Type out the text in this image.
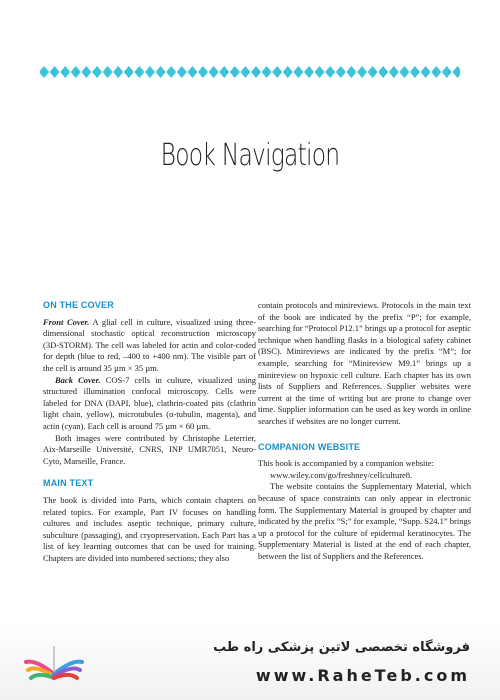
Book Navigation
ON THE COVER

Front Cover. A glial cell in culture, visualized using three-dimensional stochastic optical reconstruction microscopy (3D-STORM). The cell was labeled for actin and color-coded for depth (blue to red, –400 to +400 nm). The visible part of the cell is around 35 µm × 35 µm.

Back Cover. COS-7 cells in culture, visualized using structured illumination confocal microscopy. Cells were labeled for DNA (DAPI, blue), clathrin-coated pits (clathrin light chain, yellow), microtubules (α-tubulin, magenta), and actin (cyan). Each cell is around 75 µm × 60 µm.

Both images were contributed by Christophe Leterrier, Aix-Marseille Université, CNRS, INP UMR7051, Neuro-Cyto, Marseille, France.

MAIN TEXT

The book is divided into Parts, which contain chapters on related topics. For example, Part IV focuses on handling cultures and includes aseptic technique, primary culture, subculture (passaging), and cryopreservation. Each Part has a list of key learning outcomes that can be used for training. Chapters are divided into numbered sections; they also

contain protocols and minireviews. Protocols in the main text of the book are indicated by the prefix “P”; for example, searching for “Protocol P12.1” brings up a protocol for aseptic technique when handling flasks in a biological safety cabinet (BSC). Minireviews are indicated by the prefix “M”; for example, searching for “Minireview M9.1” brings up a minireview on hypoxic cell culture. Each chapter has its own lists of Suppliers and References. Supplier websites were current at the time of writing but are prone to change over time. Supplier information can be used as key words in online searches if websites are no longer current.

COMPANION WEBSITE

This book is accompanied by a companion website:

www.wiley.com/go/freshney/cellculture8.

The website contains the Supplementary Material, which because of space constraints can only appear in electronic form. The Supplementary Material is grouped by chapter and indicated by the prefix “S;” for example, “Supp. S24.1” brings up a protocol for the culture of epidermal keratinocytes. The Supplementary Material is listed at the end of each chapter, between the list of Suppliers and the References.

فروشگاه تخصصی لاتین پزشکی راه طب
www.RaheTeb.com
